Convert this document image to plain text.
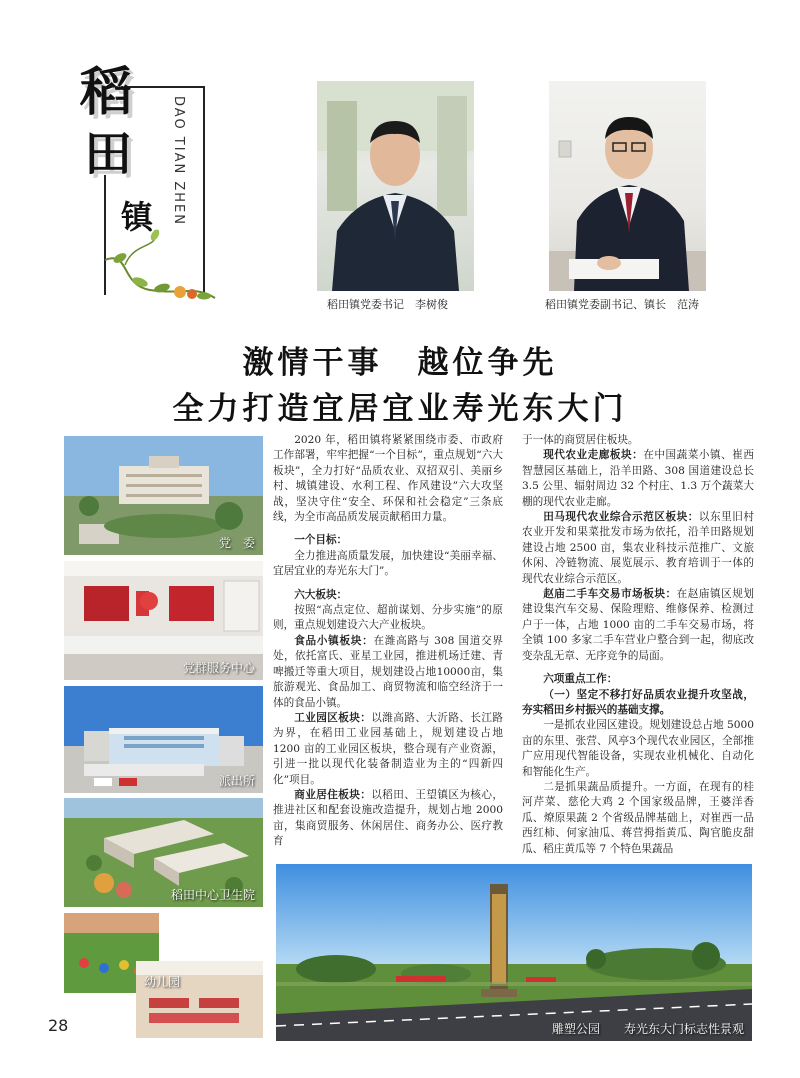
稻
田
镇 DAO TIAN ZHEN
稻田镇党委书记　李树俊	稻田镇党委副书记、镇长　范涛
激情干事　越位争先
全力打造宜居宜业寿光东大门
党　委
党群服务中心
派出所
稻田中心卫生院
幼儿园

2020 年，稻田镇将紧紧围绕市委、市政府工作部署，牢牢把握“一个目标”，重点规划“六大板块”，全力打好“品质农业、双招双引、美丽乡村、城镇建设、水利工程、作风建设”六大攻坚战，坚决守住“安全、环保和社会稳定”三条底线，为全市高品质发展贡献稻田力量。

一个目标：

全力推进高质量发展，加快建设“美丽幸福、宜居宜业的寿光东大门”。

六大板块：

按照“高点定位、超前谋划、分步实施”的原则，重点规划建设六大产业板块。

食品小镇板块：在潍高路与 308 国道交界处，依托富氏、亚星工业园，推进机场迁建、青啤搬迁等重大项目，规划建设占地10000亩，集旅游观光、食品加工、商贸物流和临空经济于一体的食品小镇。

工业园区板块：以潍高路、大沂路、长江路为界，在稻田工业园基础上，规划建设占地 1200 亩的工业园区板块，整合现有产业资源，引进一批以现代化装备制造业为主的“四新四化”项目。

商业居住板块：以稻田、王望镇区为核心，推进社区和配套设施改造提升，规划占地 2000 亩，集商贸服务、休闲居住、商务办公、医疗教育

于一体的商贸居住板块。

现代农业走廊板块：在中国蔬菜小镇、崔西智慧园区基础上，沿羊田路、308 国道建设总长 3.5 公里、辐射周边 32 个村庄、1.3 万个蔬菜大棚的现代农业走廊。

田马现代农业综合示范区板块：以东里旧村农业开发和果菜批发市场为依托，沿羊田路规划建设占地 2500 亩，集农业科技示范推广、文旅休闲、冷链物流、展览展示、教育培训于一体的现代农业综合示范区。

赵庙二手车交易市场板块：在赵庙镇区规划建设集汽车交易、保险理赔、维修保养、检测过户于一体，占地 1000 亩的二手车交易市场，将全镇 100 多家二手车营业户整合到一起，彻底改变杂乱无章、无序竞争的局面。

六项重点工作：

（一）坚定不移打好品质农业提升攻坚战，夯实稻田乡村振兴的基础支撑。

一是抓农业园区建设。规划建设总占地 5000亩的东里、张营、风亭3个现代农业园区，全部推广应用现代智能设备，实现农业机械化、自动化和智能化生产。

二是抓果蔬品质提升。一方面，在现有的桂河芹菜、慈伦大鸡 2 个国家级品牌，王婆洋香瓜、燎原果蔬 2 个省级品牌基础上，对崔西一品西红柿、何家油瓜、蒋营拇指黄瓜、陶官脆皮甜瓜、稻庄黄瓜等 7 个特色果蔬品

雕塑公园　　寿光东大门标志性景观
28
